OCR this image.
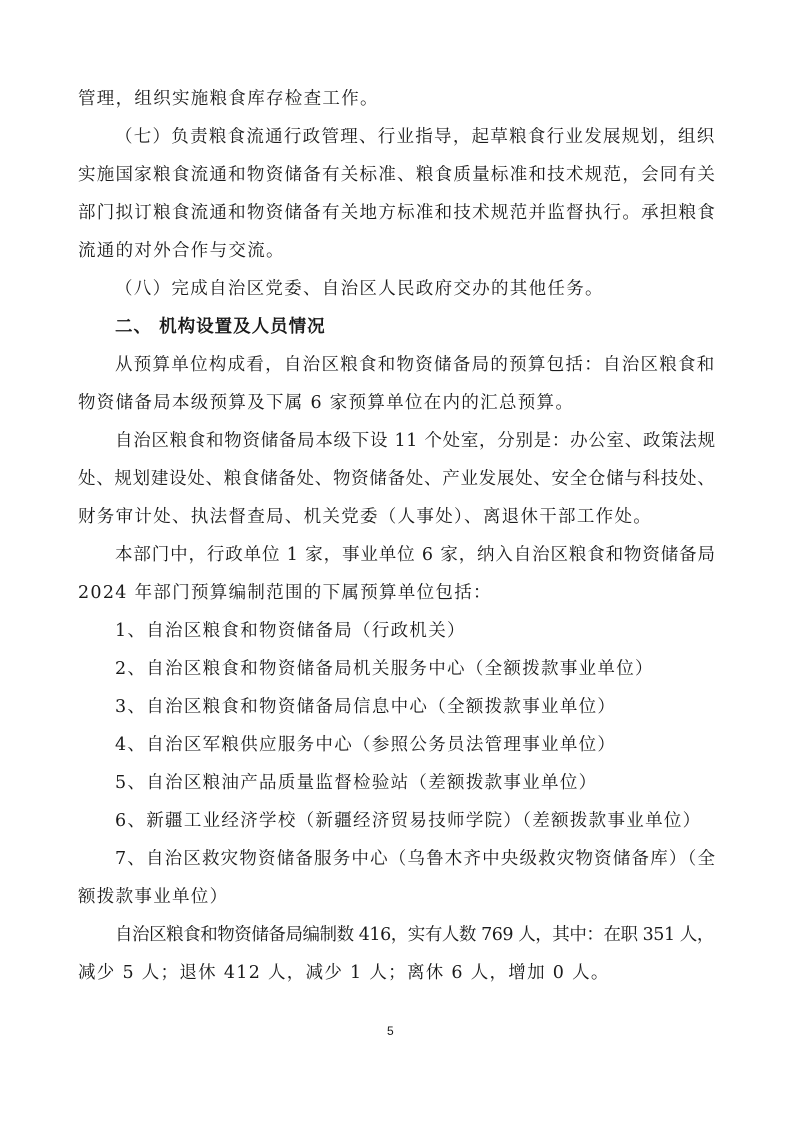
管理，组织实施粮食库存检查工作。

（七）负责粮食流通行政管理、行业指导，起草粮食行业发展规划，组织

实施国家粮食流通和物资储备有关标准、粮食质量标准和技术规范，会同有关

部门拟订粮食流通和物资储备有关地方标准和技术规范并监督执行。承担粮食

流通的对外合作与交流。

（八）完成自治区党委、自治区人民政府交办的其他任务。

二、 机构设置及人员情况

从预算单位构成看，自治区粮食和物资储备局的预算包括：自治区粮食和

物资储备局本级预算及下属 6 家预算单位在内的汇总预算。

自治区粮食和物资储备局本级下设 11 个处室，分别是：办公室、政策法规

处、规划建设处、粮食储备处、物资储备处、产业发展处、安全仓储与科技处、

财务审计处、执法督查局、机关党委（人事处）、离退休干部工作处。

本部门中，行政单位 1 家，事业单位 6 家，纳入自治区粮食和物资储备局

2024 年部门预算编制范围的下属预算单位包括：

1、自治区粮食和物资储备局（行政机关）

2、自治区粮食和物资储备局机关服务中心（全额拨款事业单位）

3、自治区粮食和物资储备局信息中心（全额拨款事业单位）

4、自治区军粮供应服务中心（参照公务员法管理事业单位）

5、自治区粮油产品质量监督检验站（差额拨款事业单位）

6、新疆工业经济学校（新疆经济贸易技师学院）（差额拨款事业单位）

7、自治区救灾物资储备服务中心（乌鲁木齐中央级救灾物资储备库）（全

额拨款事业单位）

自治区粮食和物资储备局编制数 416，实有人数 769 人，其中：在职 351 人，

减少 5 人；退休 412 人，减少 1 人；离休 6 人，增加 0 人。

5
